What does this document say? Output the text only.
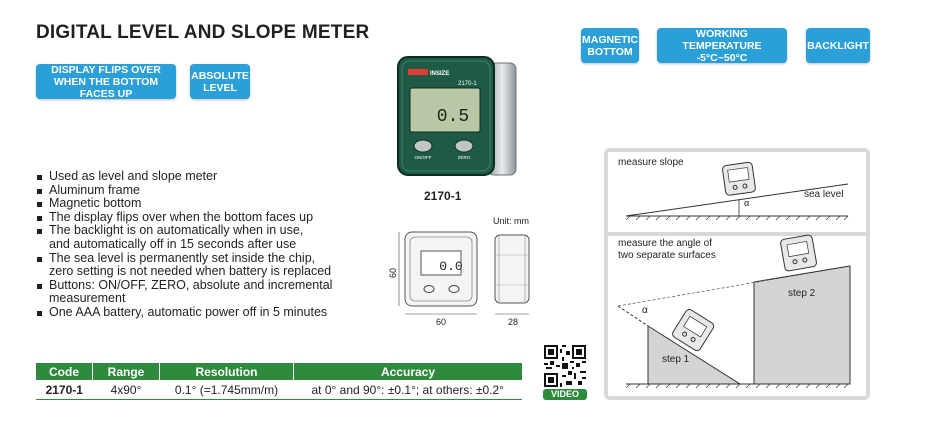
DIGITAL LEVEL AND SLOPE METER
DISPLAY FLIPS OVER WHEN THE BOTTOM FACES UP
ABSOLUTE LEVEL
MAGNETIC BOTTOM
WORKING TEMPERATURE
-5°C~50°C
BACKLIGHT
INSIZE
2170-1
0.5
ON/OFF	ZERO
2170-1
Unit: mm
0.0
60
60	28
Used as level and slope meter
Aluminum frame
Magnetic bottom
The display flips over when the bottom faces up
The backlight is on automatically when in use,
and automatically off in 15 seconds after use
The sea level is permanently set inside the chip,
zero setting is not needed when battery is replaced
Buttons: ON/OFF, ZERO, absolute and incremental
measurement
One AAA battery, automatic power off in 5 minutes
Code	Range	Resolution	Accuracy
2170-1	4x90°	0.1° (=1.745mm/m)	at 0° and 90°: ±0.1°; at others: ±0.2°	VIDEO
measure slope
sea level
α
measure the angle of
two separate surfaces
α
step 1
step 2
